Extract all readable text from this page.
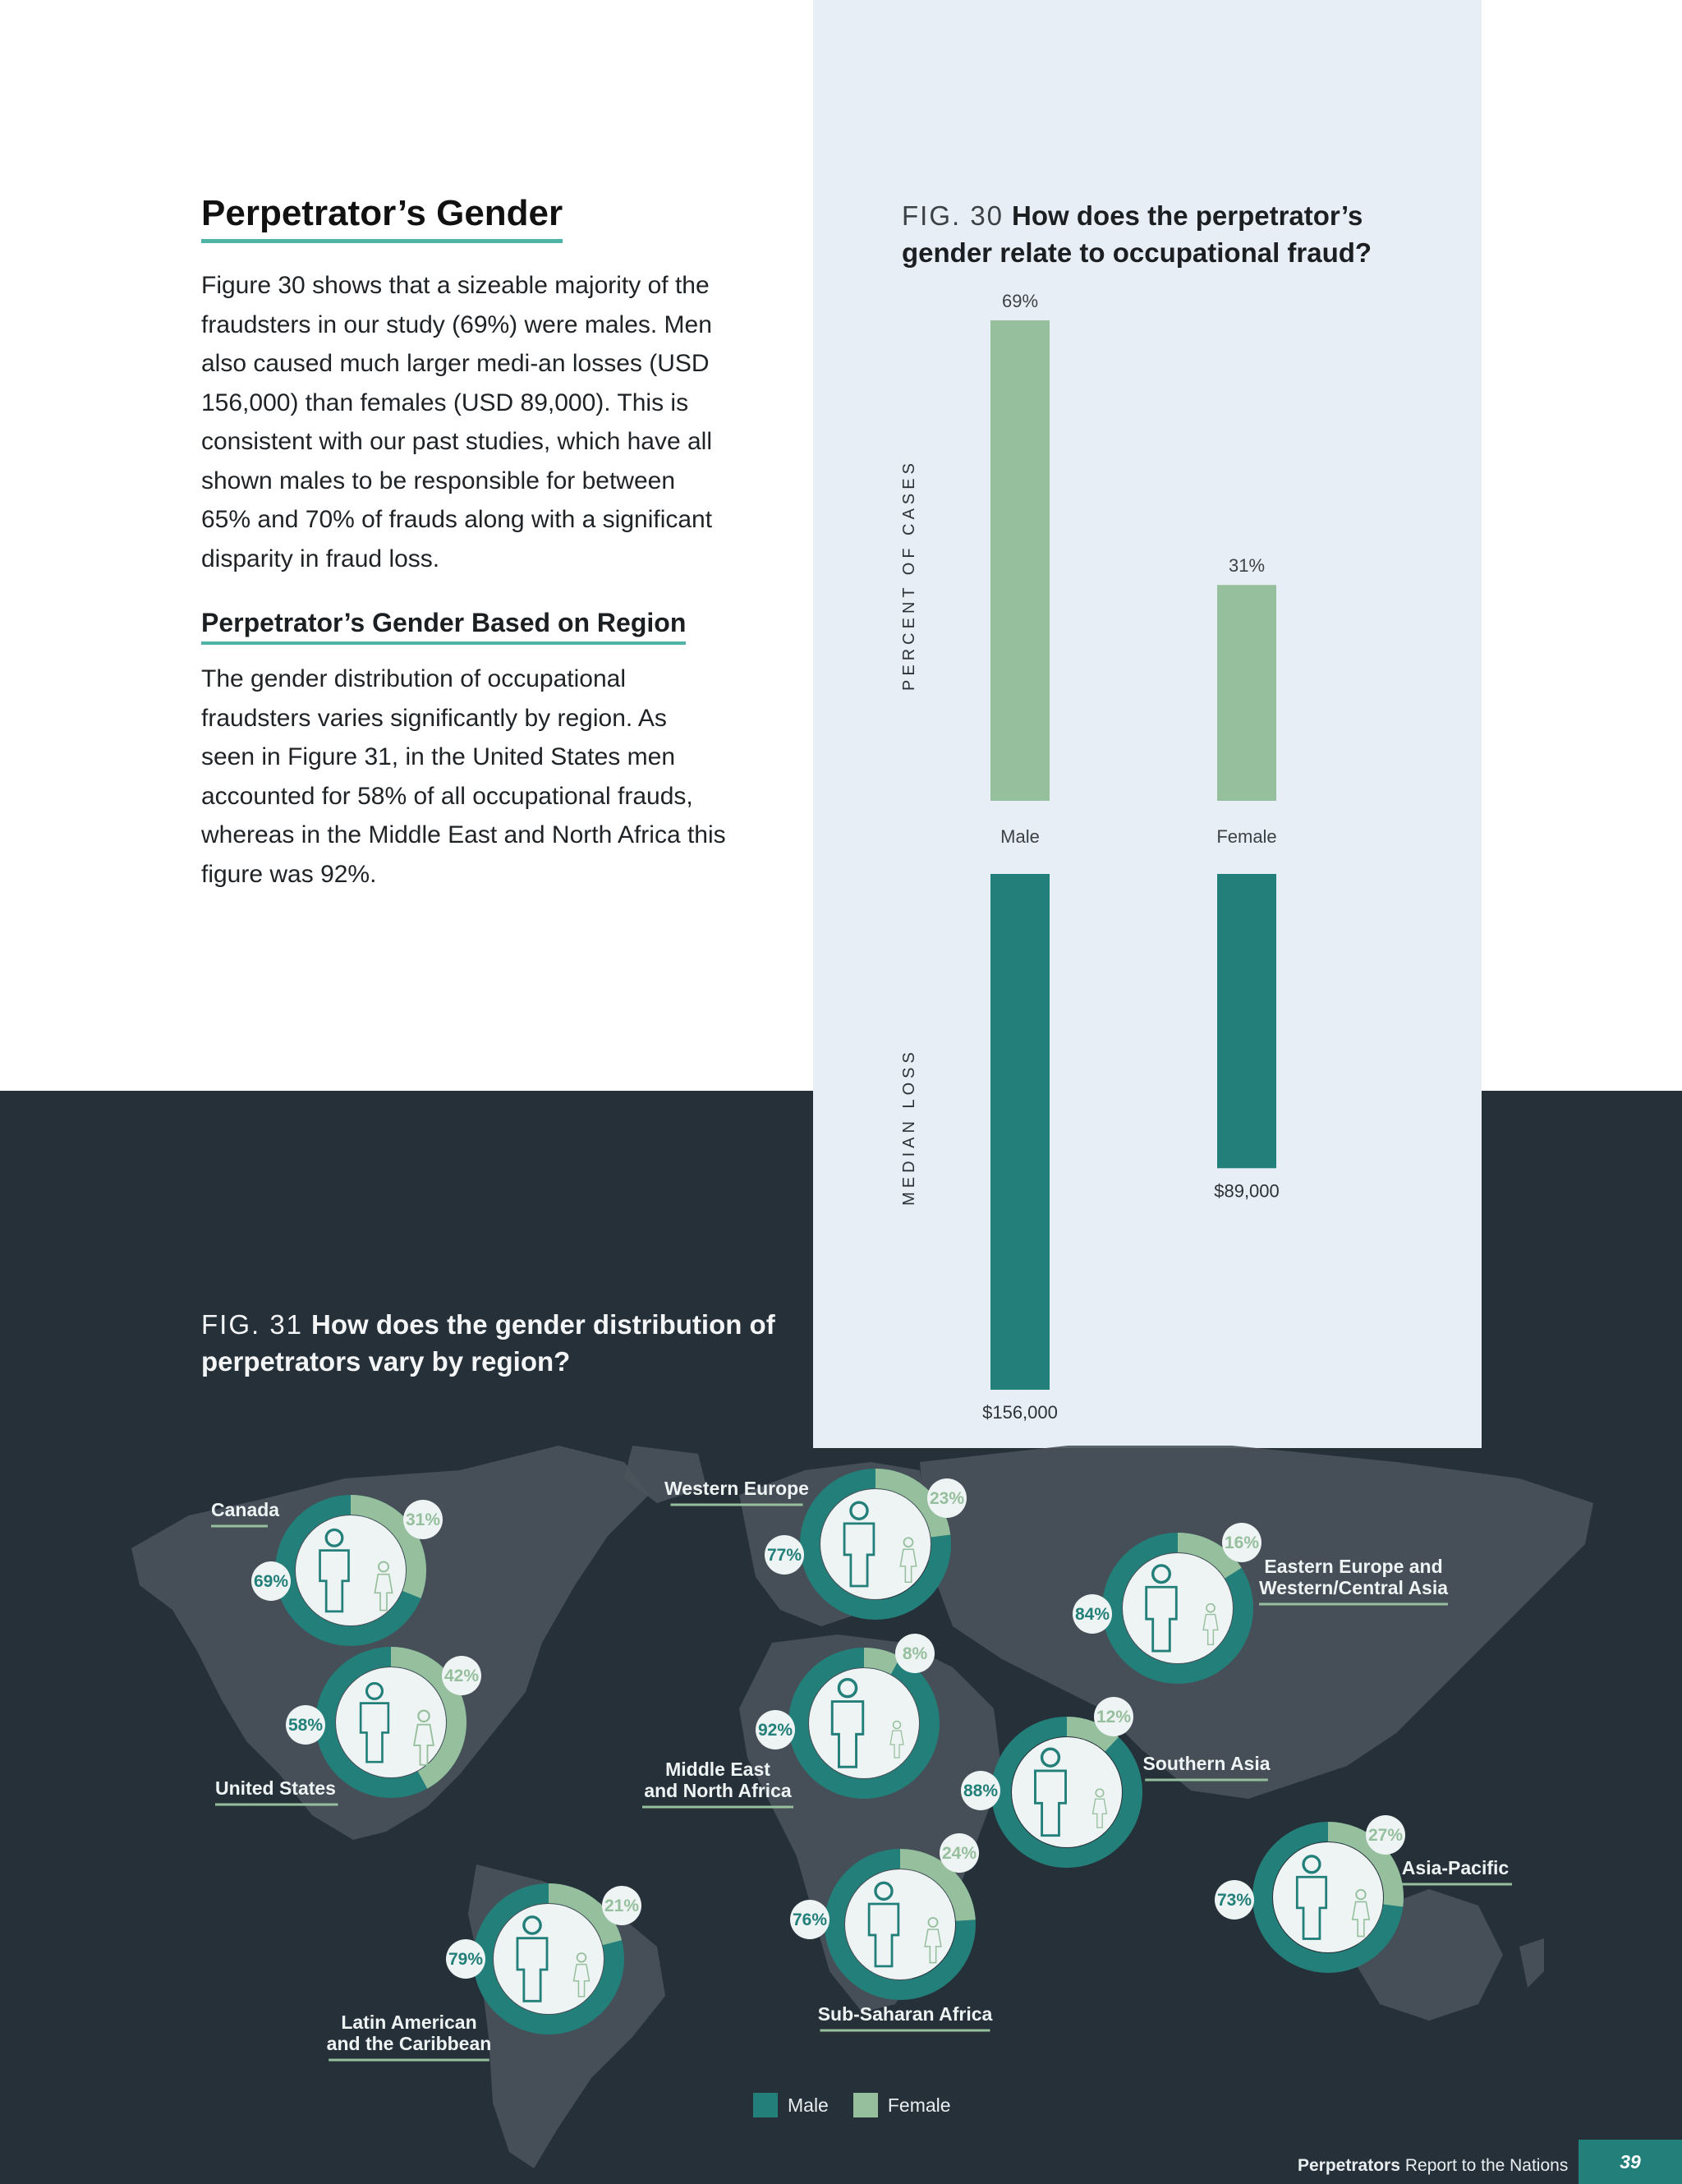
Perpetrator’s Gender

Figure 30 shows that a sizeable majority of the fraudsters in our study (69%) were males. Men also caused much larger medi-an losses (USD 156,000) than females (USD 89,000). This is consistent with our past studies, which have all shown males to be responsible for between 65% and 70% of frauds along with a significant disparity in fraud loss.

Perpetrator’s Gender Based on Region

The gender distribution of occupational fraudsters varies significantly by region. As seen in Figure 31, in the United States men accounted for 58% of all occupational frauds, whereas in the Middle East and North Africa this figure was 92%.

FIG. 30 How does the perpetrator’s gender relate to occupational fraud?
PERCENT OF CASES
69%
Male
31%
Female
MEDIAN LOSS
$156,000
$89,000
FIG. 31 How does the gender distribution of perpetrators vary by region?
69%
31%
Canada
58%
42%
United States
79%
21%
Latin American
and the Caribbean
77%
23%
Western Europe
92%
8%
Middle East
and North Africa
76%
24%
Sub-Saharan Africa
88%
12%
Southern Asia
84%
16%
Eastern Europe and
Western/Central Asia
73%
27%
Asia-Pacific
Male	Female
Perpetrators Report to the Nations	39
